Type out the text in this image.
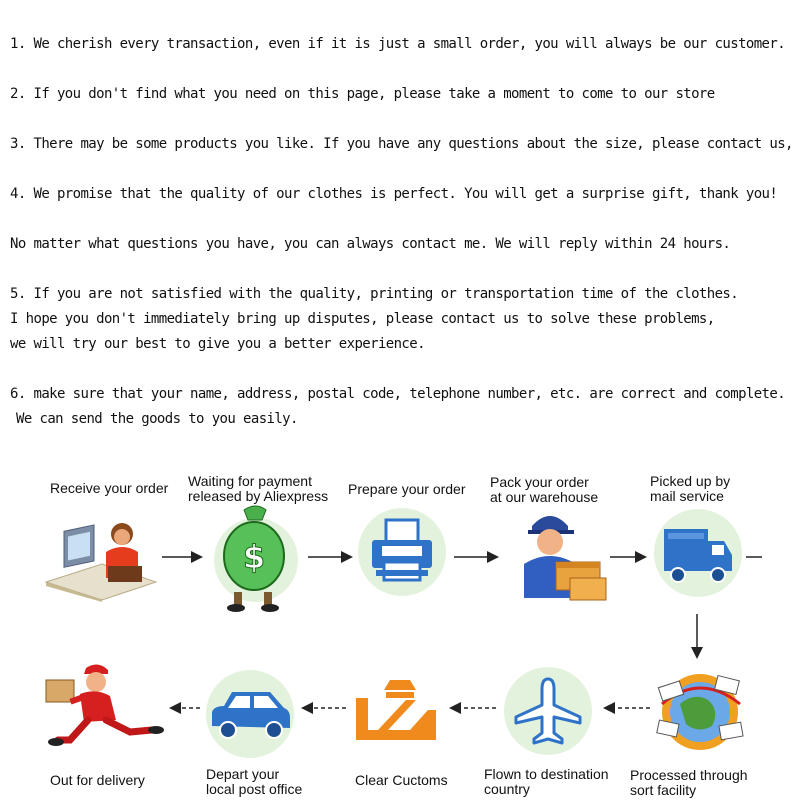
1. We cherish every transaction, even if it is just a small order, you will always be our customer.
2. If you don't find what you need on this page, please take a moment to come to our store
3. There may be some products you like. If you have any questions about the size, please contact us,
4. We promise that the quality of our clothes is perfect. You will get a surprise gift, thank you!
No matter what questions you have, you can always contact me. We will reply within 24 hours.
5. If you are not satisfied with the quality, printing or transportation time of the clothes.
I hope you don't immediately bring up disputes, please contact us to solve these problems,
we will try our best to give you a better experience.
6. make sure that your name, address, postal code, telephone number, etc. are correct and complete.
We can send the goods to you easily.
Receive your order Waiting for payment
released by Aliexpress Prepare your order Pack your order
at our warehouse
Picked up by
mail service
Processed through
sort facility
Flown to destination
country
Clear Cuctoms
Depart your
local post office
Out for delivery
$
